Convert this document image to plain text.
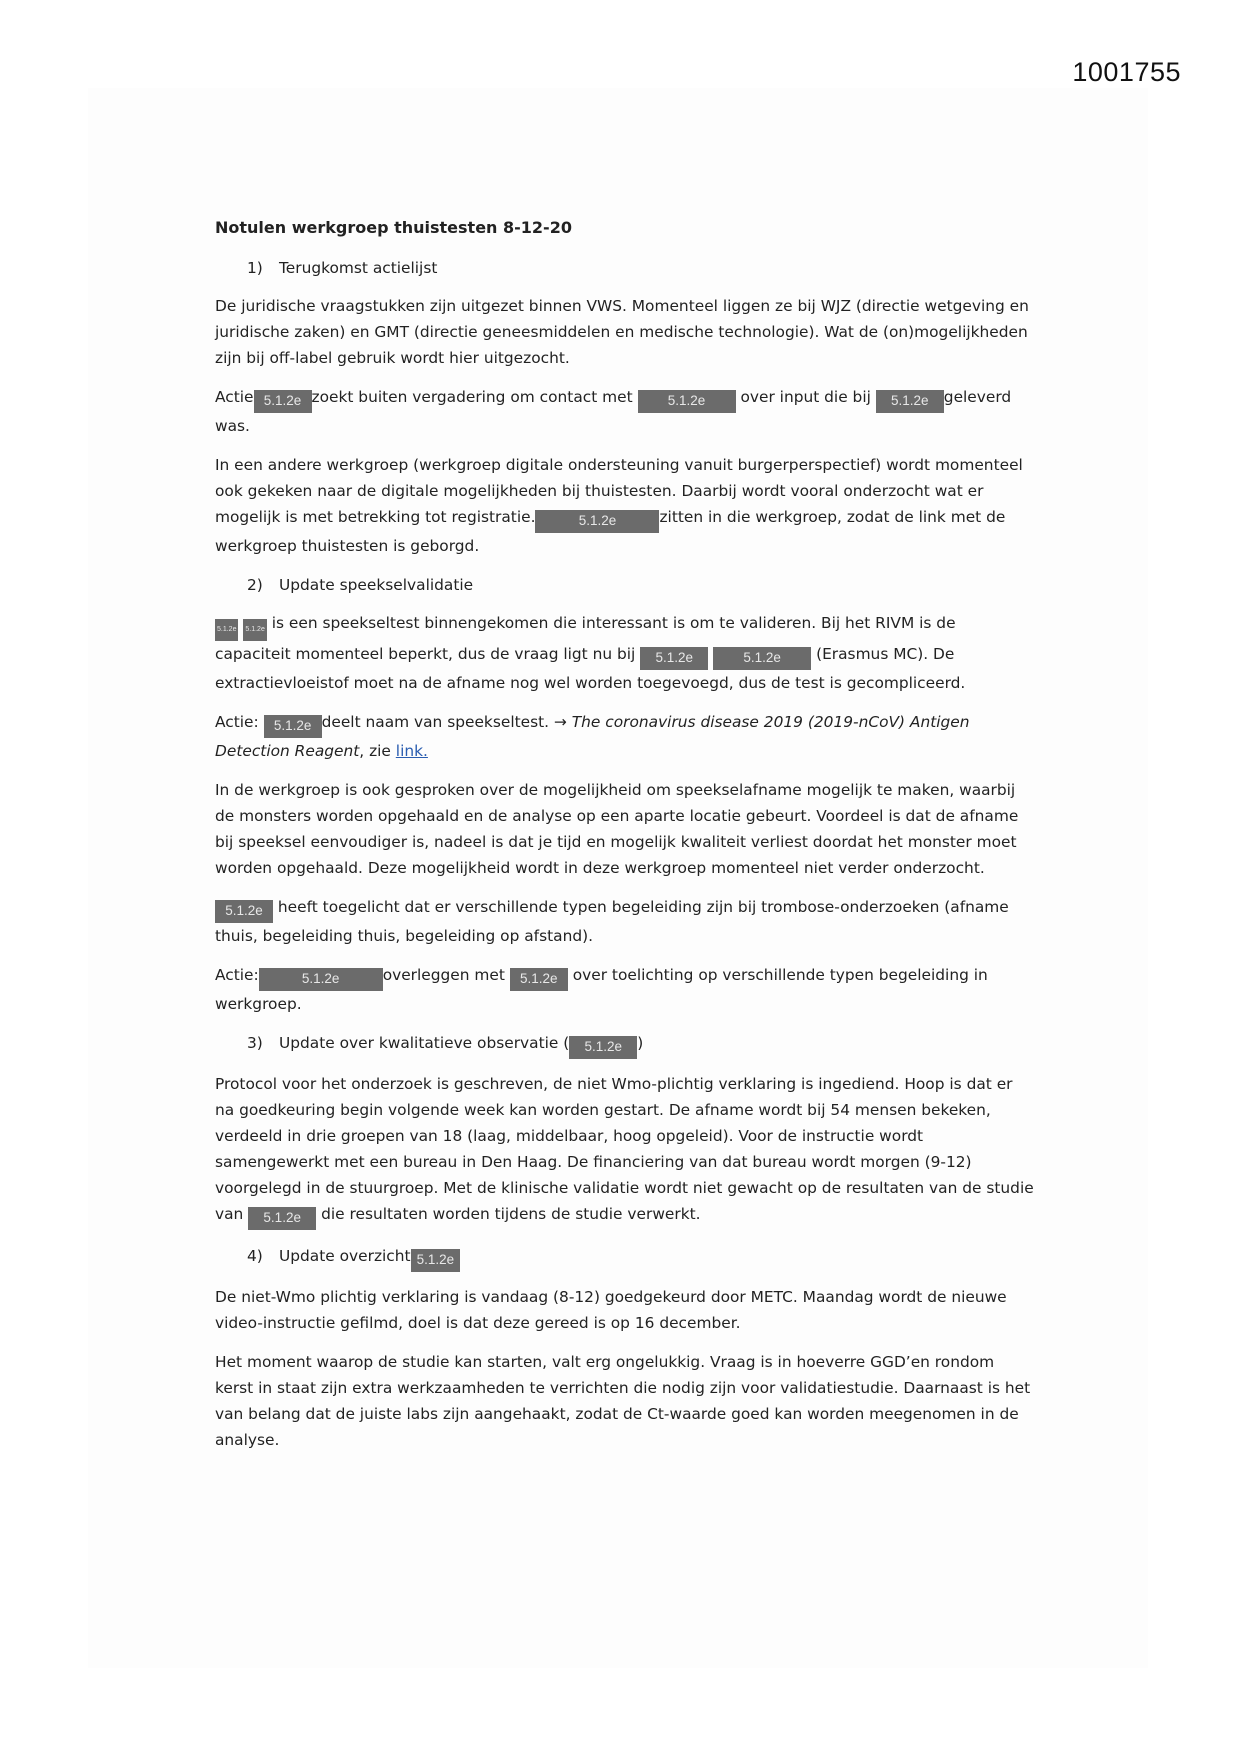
1001755
Notulen werkgroep thuistesten 8-12-20
1) Terugkomst actielijst

De juridische vraagstukken zijn uitgezet binnen VWS. Momenteel liggen ze bij WJZ (directie wetgeving en juridische zaken) en GMT (directie geneesmiddelen en medische technologie). Wat de (on)mogelijkheden zijn bij off-label gebruik wordt hier uitgezocht.

Actie 5.1.2e zoekt buiten vergadering om contact met	5.1.2e over input die bij 5.1.2e geleverd was.

In een andere werkgroep (werkgroep digitale ondersteuning vanuit burgerperspectief) wordt momenteel ook gekeken naar de digitale mogelijkheden bij thuistesten. Daarbij wordt vooral onderzocht wat er mogelijk is met betrekking tot registratie.	5.1.2e	zitten in die werkgroep, zodat de link met de werkgroep thuistesten is geborgd.

2) Update speekselvalidatie

5.1.2e 5.1.2e is een speekseltest binnengekomen die interessant is om te valideren. Bij het RIVM is de capaciteit momenteel beperkt, dus de vraag ligt nu bij 5.1.2e	5.1.2e (Erasmus MC). De extractievloeistof moet na de afname nog wel worden toegevoegd, dus de test is gecompliceerd.

Actie: 5.1.2e deelt naam van speekseltest. → The coronavirus disease 2019 (2019-nCoV) Antigen Detection Reagent, zie link.

In de werkgroep is ook gesproken over de mogelijkheid om speekselafname mogelijk te maken, waarbij de monsters worden opgehaald en de analyse op een aparte locatie gebeurt. Voordeel is dat de afname bij speeksel eenvoudiger is, nadeel is dat je tijd en mogelijk kwaliteit verliest doordat het monster moet worden opgehaald. Deze mogelijkheid wordt in deze werkgroep momenteel niet verder onderzocht.

5.1.2e heeft toegelicht dat er verschillende typen begeleiding zijn bij trombose-onderzoeken (afname thuis, begeleiding thuis, begeleiding op afstand).

Actie:	5.1.2e	overleggen met 5.1.2e over toelichting op verschillende typen begeleiding in werkgroep.

3) Update over kwalitatieve observatie ( 5.1.2e )

Protocol voor het onderzoek is geschreven, de niet Wmo-plichtig verklaring is ingediend. Hoop is dat er na goedkeuring begin volgende week kan worden gestart. De afname wordt bij 54 mensen bekeken, verdeeld in drie groepen van 18 (laag, middelbaar, hoog opgeleid). Voor de instructie wordt samengewerkt met een bureau in Den Haag. De financiering van dat bureau wordt morgen (9-12) voorgelegd in de stuurgroep. Met de klinische validatie wordt niet gewacht op de resultaten van de studie van 5.1.2e die resultaten worden tijdens de studie verwerkt.

4) Update overzicht 5.1.2e

De niet-Wmo plichtig verklaring is vandaag (8-12) goedgekeurd door METC. Maandag wordt de nieuwe video-instructie gefilmd, doel is dat deze gereed is op 16 december.

Het moment waarop de studie kan starten, valt erg ongelukkig. Vraag is in hoeverre GGD’en rondom kerst in staat zijn extra werkzaamheden te verrichten die nodig zijn voor validatiestudie. Daarnaast is het van belang dat de juiste labs zijn aangehaakt, zodat de Ct-waarde goed kan worden meegenomen in de analyse.
